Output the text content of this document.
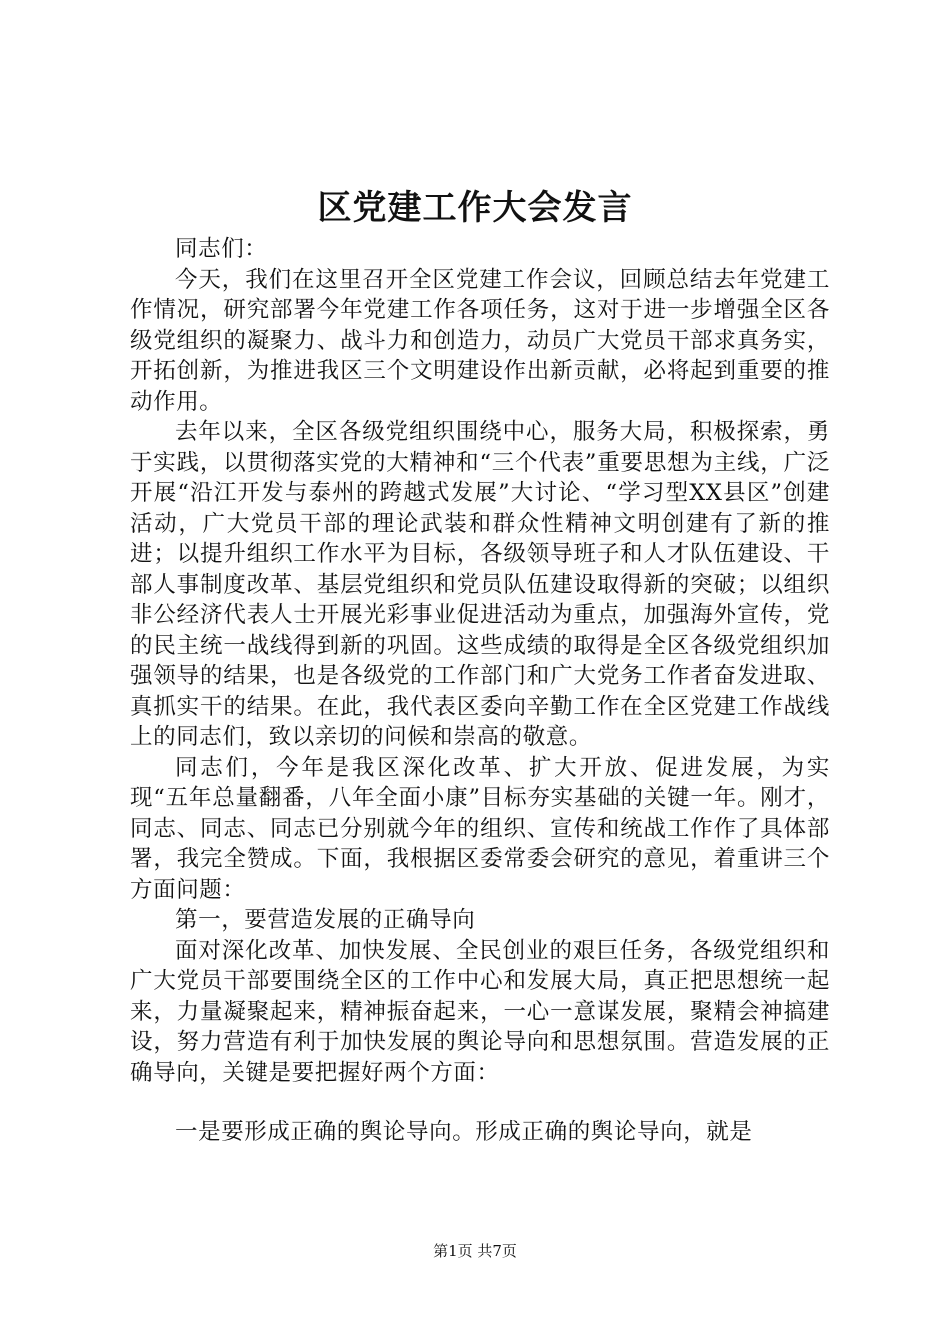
区党建工作大会发言

同志们：

今天，我们在这里召开全区党建工作会议，回顾总结去年党建工作情况，研究部署今年党建工作各项任务，这对于进一步增强全区各级党组织的凝聚力、战斗力和创造力，动员广大党员干部求真务实，开拓创新，为推进我区三个文明建设作出新贡献，必将起到重要的推动作用。

去年以来，全区各级党组织围绕中心，服务大局，积极探索，勇于实践，以贯彻落实党的大精神和“三个代表”重要思想为主线，广泛开展“沿江开发与泰州的跨越式发展”大讨论、“学习型XX县区”创建活动，广大党员干部的理论武装和群众性精神文明创建有了新的推进；以提升组织工作水平为目标，各级领导班子和人才队伍建设、干部人事制度改革、基层党组织和党员队伍建设取得新的突破；以组织非公经济代表人士开展光彩事业促进活动为重点，加强海外宣传，党的民主统一战线得到新的巩固。这些成绩的取得是全区各级党组织加强领导的结果，也是各级党的工作部门和广大党务工作者奋发进取、真抓实干的结果。在此，我代表区委向辛勤工作在全区党建工作战线上的同志们，致以亲切的问候和崇高的敬意。

同志们，今年是我区深化改革、扩大开放、促进发展，为实现“五年总量翻番，八年全面小康”目标夯实基础的关键一年。刚才，同志、同志、同志已分别就今年的组织、宣传和统战工作作了具体部署，我完全赞成。下面，我根据区委常委会研究的意见，着重讲三个方面问题：

第一，要营造发展的正确导向

面对深化改革、加快发展、全民创业的艰巨任务，各级党组织和广大党员干部要围绕全区的工作中心和发展大局，真正把思想统一起来，力量凝聚起来，精神振奋起来，一心一意谋发展，聚精会神搞建设，努力营造有利于加快发展的舆论导向和思想氛围。营造发展的正确导向，关键是要把握好两个方面：

一是要形成正确的舆论导向。形成正确的舆论导向，就是

第1页 共7页
